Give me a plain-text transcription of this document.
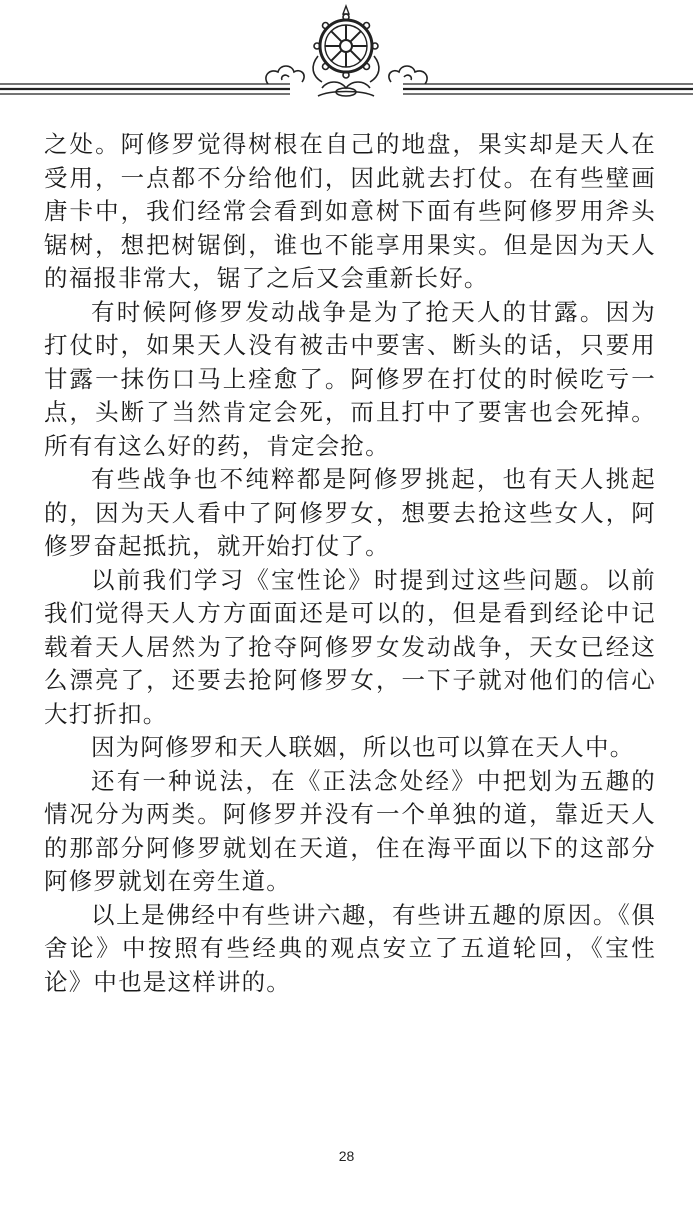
之处。阿修罗觉得树根在自己的地盘，果实却是天人在受用，一点都不分给他们，因此就去打仗。在有些壁画唐卡中，我们经常会看到如意树下面有些阿修罗用斧头锯树，想把树锯倒，谁也不能享用果实。但是因为天人的福报非常大，锯了之后又会重新长好。

有时候阿修罗发动战争是为了抢天人的甘露。因为打仗时，如果天人没有被击中要害、断头的话，只要用甘露一抹伤口马上痊愈了。阿修罗在打仗的时候吃亏一点，头断了当然肯定会死，而且打中了要害也会死掉。所有有这么好的药，肯定会抢。

有些战争也不纯粹都是阿修罗挑起，也有天人挑起的，因为天人看中了阿修罗女，想要去抢这些女人，阿修罗奋起抵抗，就开始打仗了。

以前我们学习《宝性论》时提到过这些问题。以前我们觉得天人方方面面还是可以的，但是看到经论中记载着天人居然为了抢夺阿修罗女发动战争，天女已经这么漂亮了，还要去抢阿修罗女，一下子就对他们的信心大打折扣。

因为阿修罗和天人联姻，所以也可以算在天人中。

还有一种说法，在《正法念处经》中把划为五趣的情况分为两类。阿修罗并没有一个单独的道，靠近天人的那部分阿修罗就划在天道，住在海平面以下的这部分阿修罗就划在旁生道。

以上是佛经中有些讲六趣，有些讲五趣的原因。《俱舍论》中按照有些经典的观点安立了五道轮回，《宝性论》中也是这样讲的。

28
